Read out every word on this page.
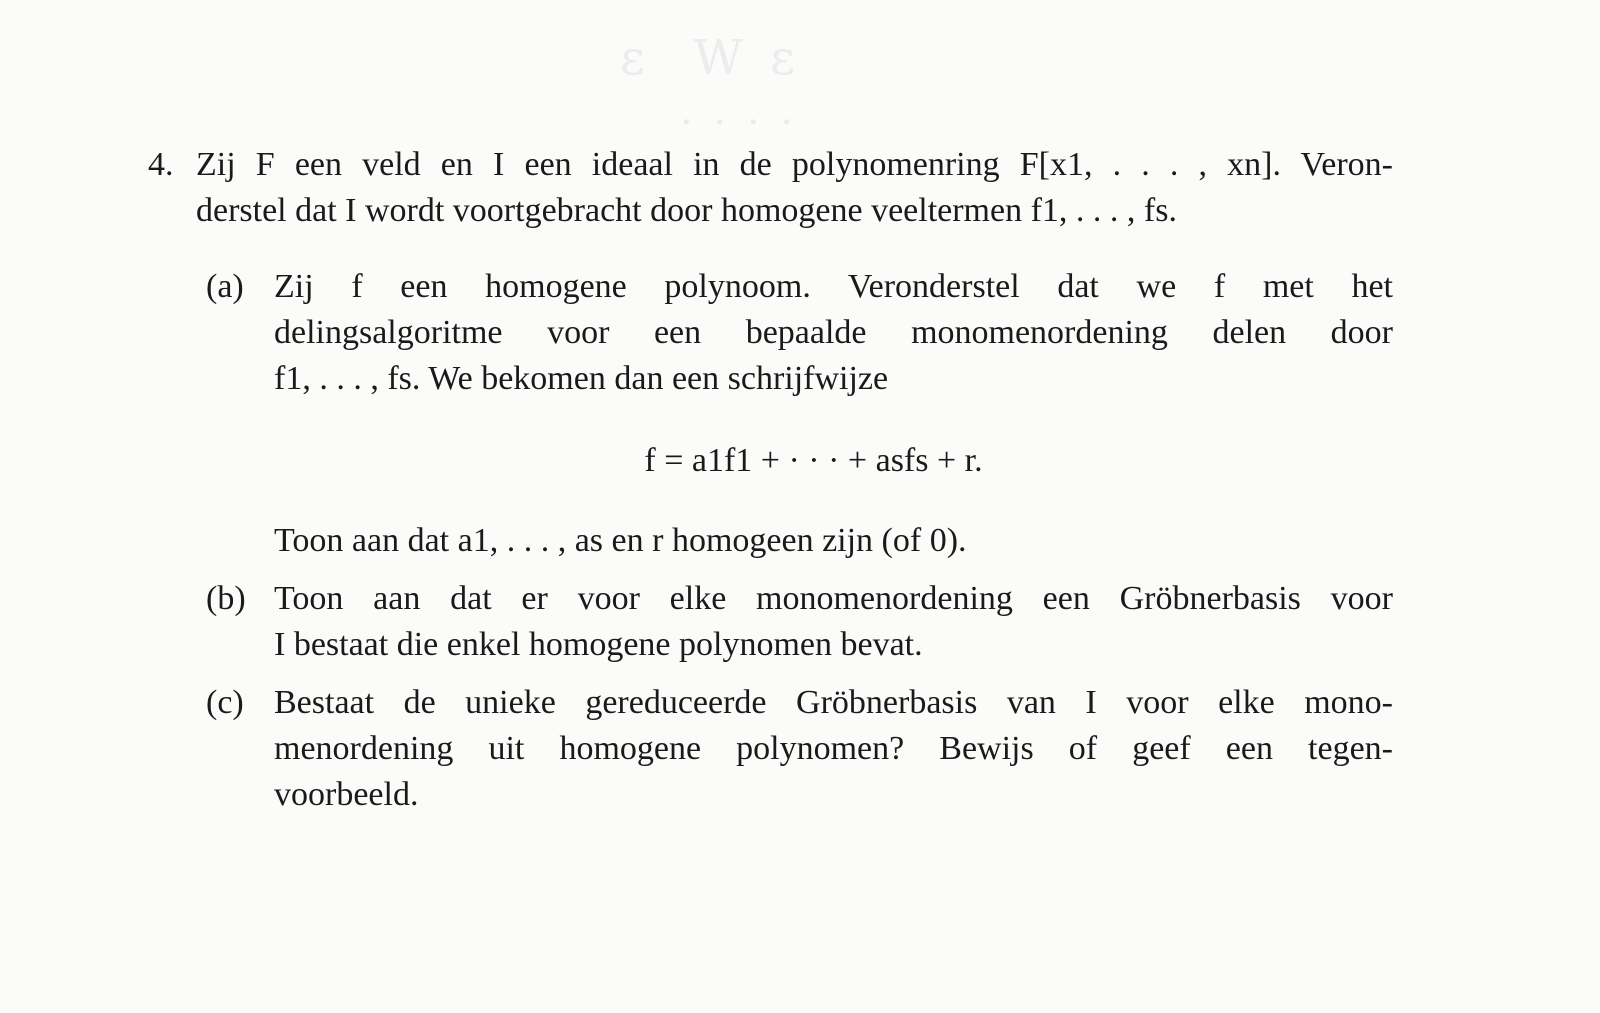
ε  W ε
· · · ·
4. Zij F een veld en I een ideaal in de polynomenring F[x1, . . . , xn]. Veron-
derstel dat I wordt voortgebracht door homogene veeltermen f1, . . . , fs.
(a) Zij f een homogene polynoom. Veronderstel dat we f met het
delingsalgoritme voor een bepaalde monomenordening delen door
f1, . . . , fs. We bekomen dan een schrijfwijze
f = a1f1 + · · · + asfs + r.
Toon aan dat a1, . . . , as en r homogeen zijn (of 0).
(b) Toon aan dat er voor elke monomenordening een Gröbnerbasis voor
I bestaat die enkel homogene polynomen bevat.
(c) Bestaat de unieke gereduceerde Gröbnerbasis van I voor elke mono-
menordening uit homogene polynomen? Bewijs of geef een tegen-
voorbeeld.
